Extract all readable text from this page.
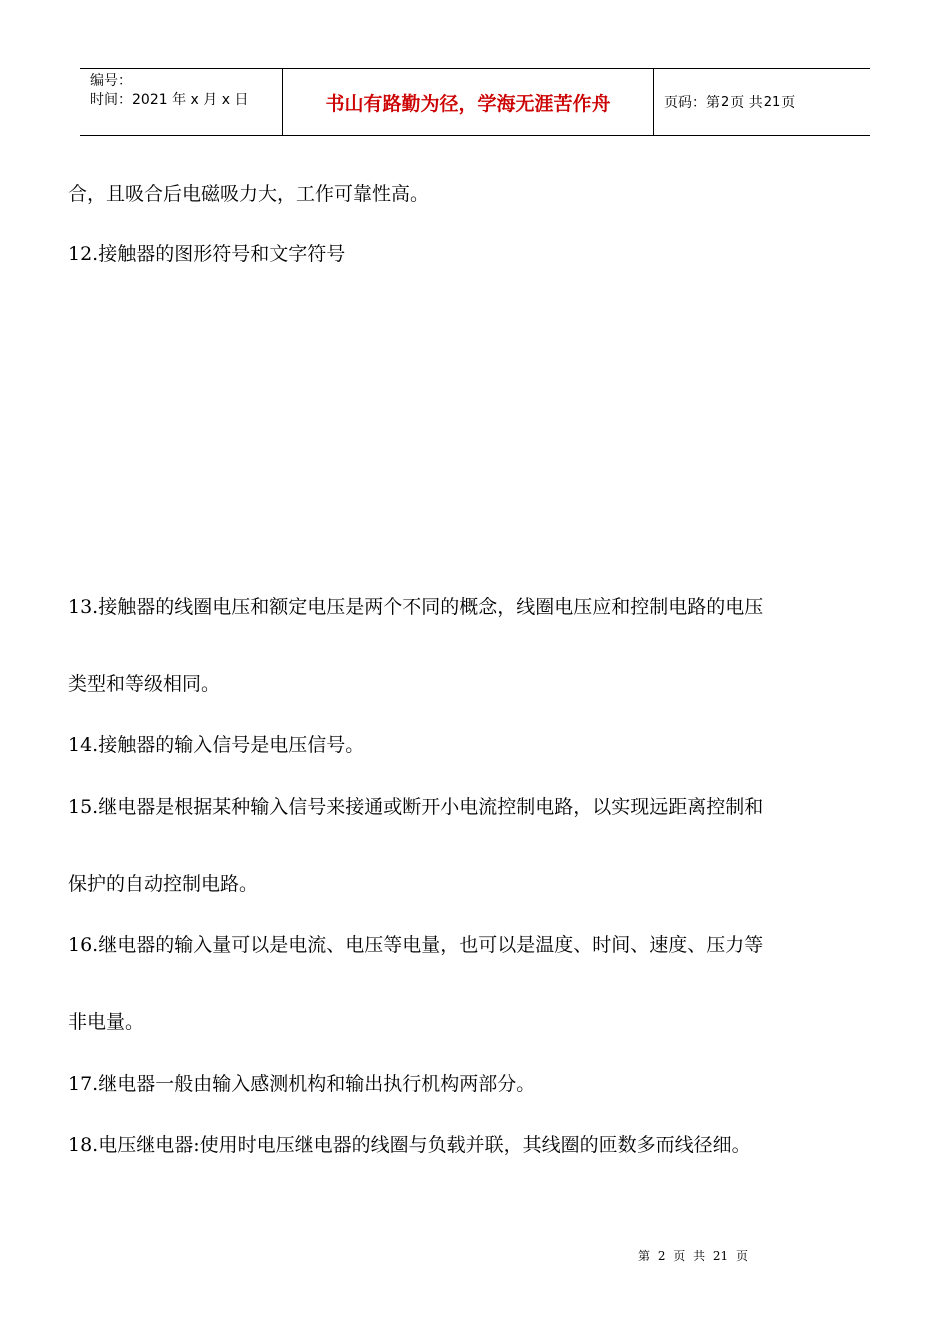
编号：
时间：2021 年 x 月 x 日	书山有路勤为径，学海无涯苦作舟	页码：第 2 页 共 21 页
合，且吸合后电磁吸力大，工作可靠性高。
12.接触器的图形符号和文字符号
13.接触器的线圈电压和额定电压是两个不同的概念，线圈电压应和控制电路的电压
类型和等级相同。
14.接触器的输入信号是电压信号。
15.继电器是根据某种输入信号来接通或断开小电流控制电路，以实现远距离控制和
保护的自动控制电路。
16.继电器的输入量可以是电流、电压等电量，也可以是温度、时间、速度、压力等
非电量。
17.继电器一般由输入感测机构和输出执行机构两部分。
18.电压继电器:使用时电压继电器的线圈与负载并联，其线圈的匝数多而线径细。
第 2 页 共 21 页
